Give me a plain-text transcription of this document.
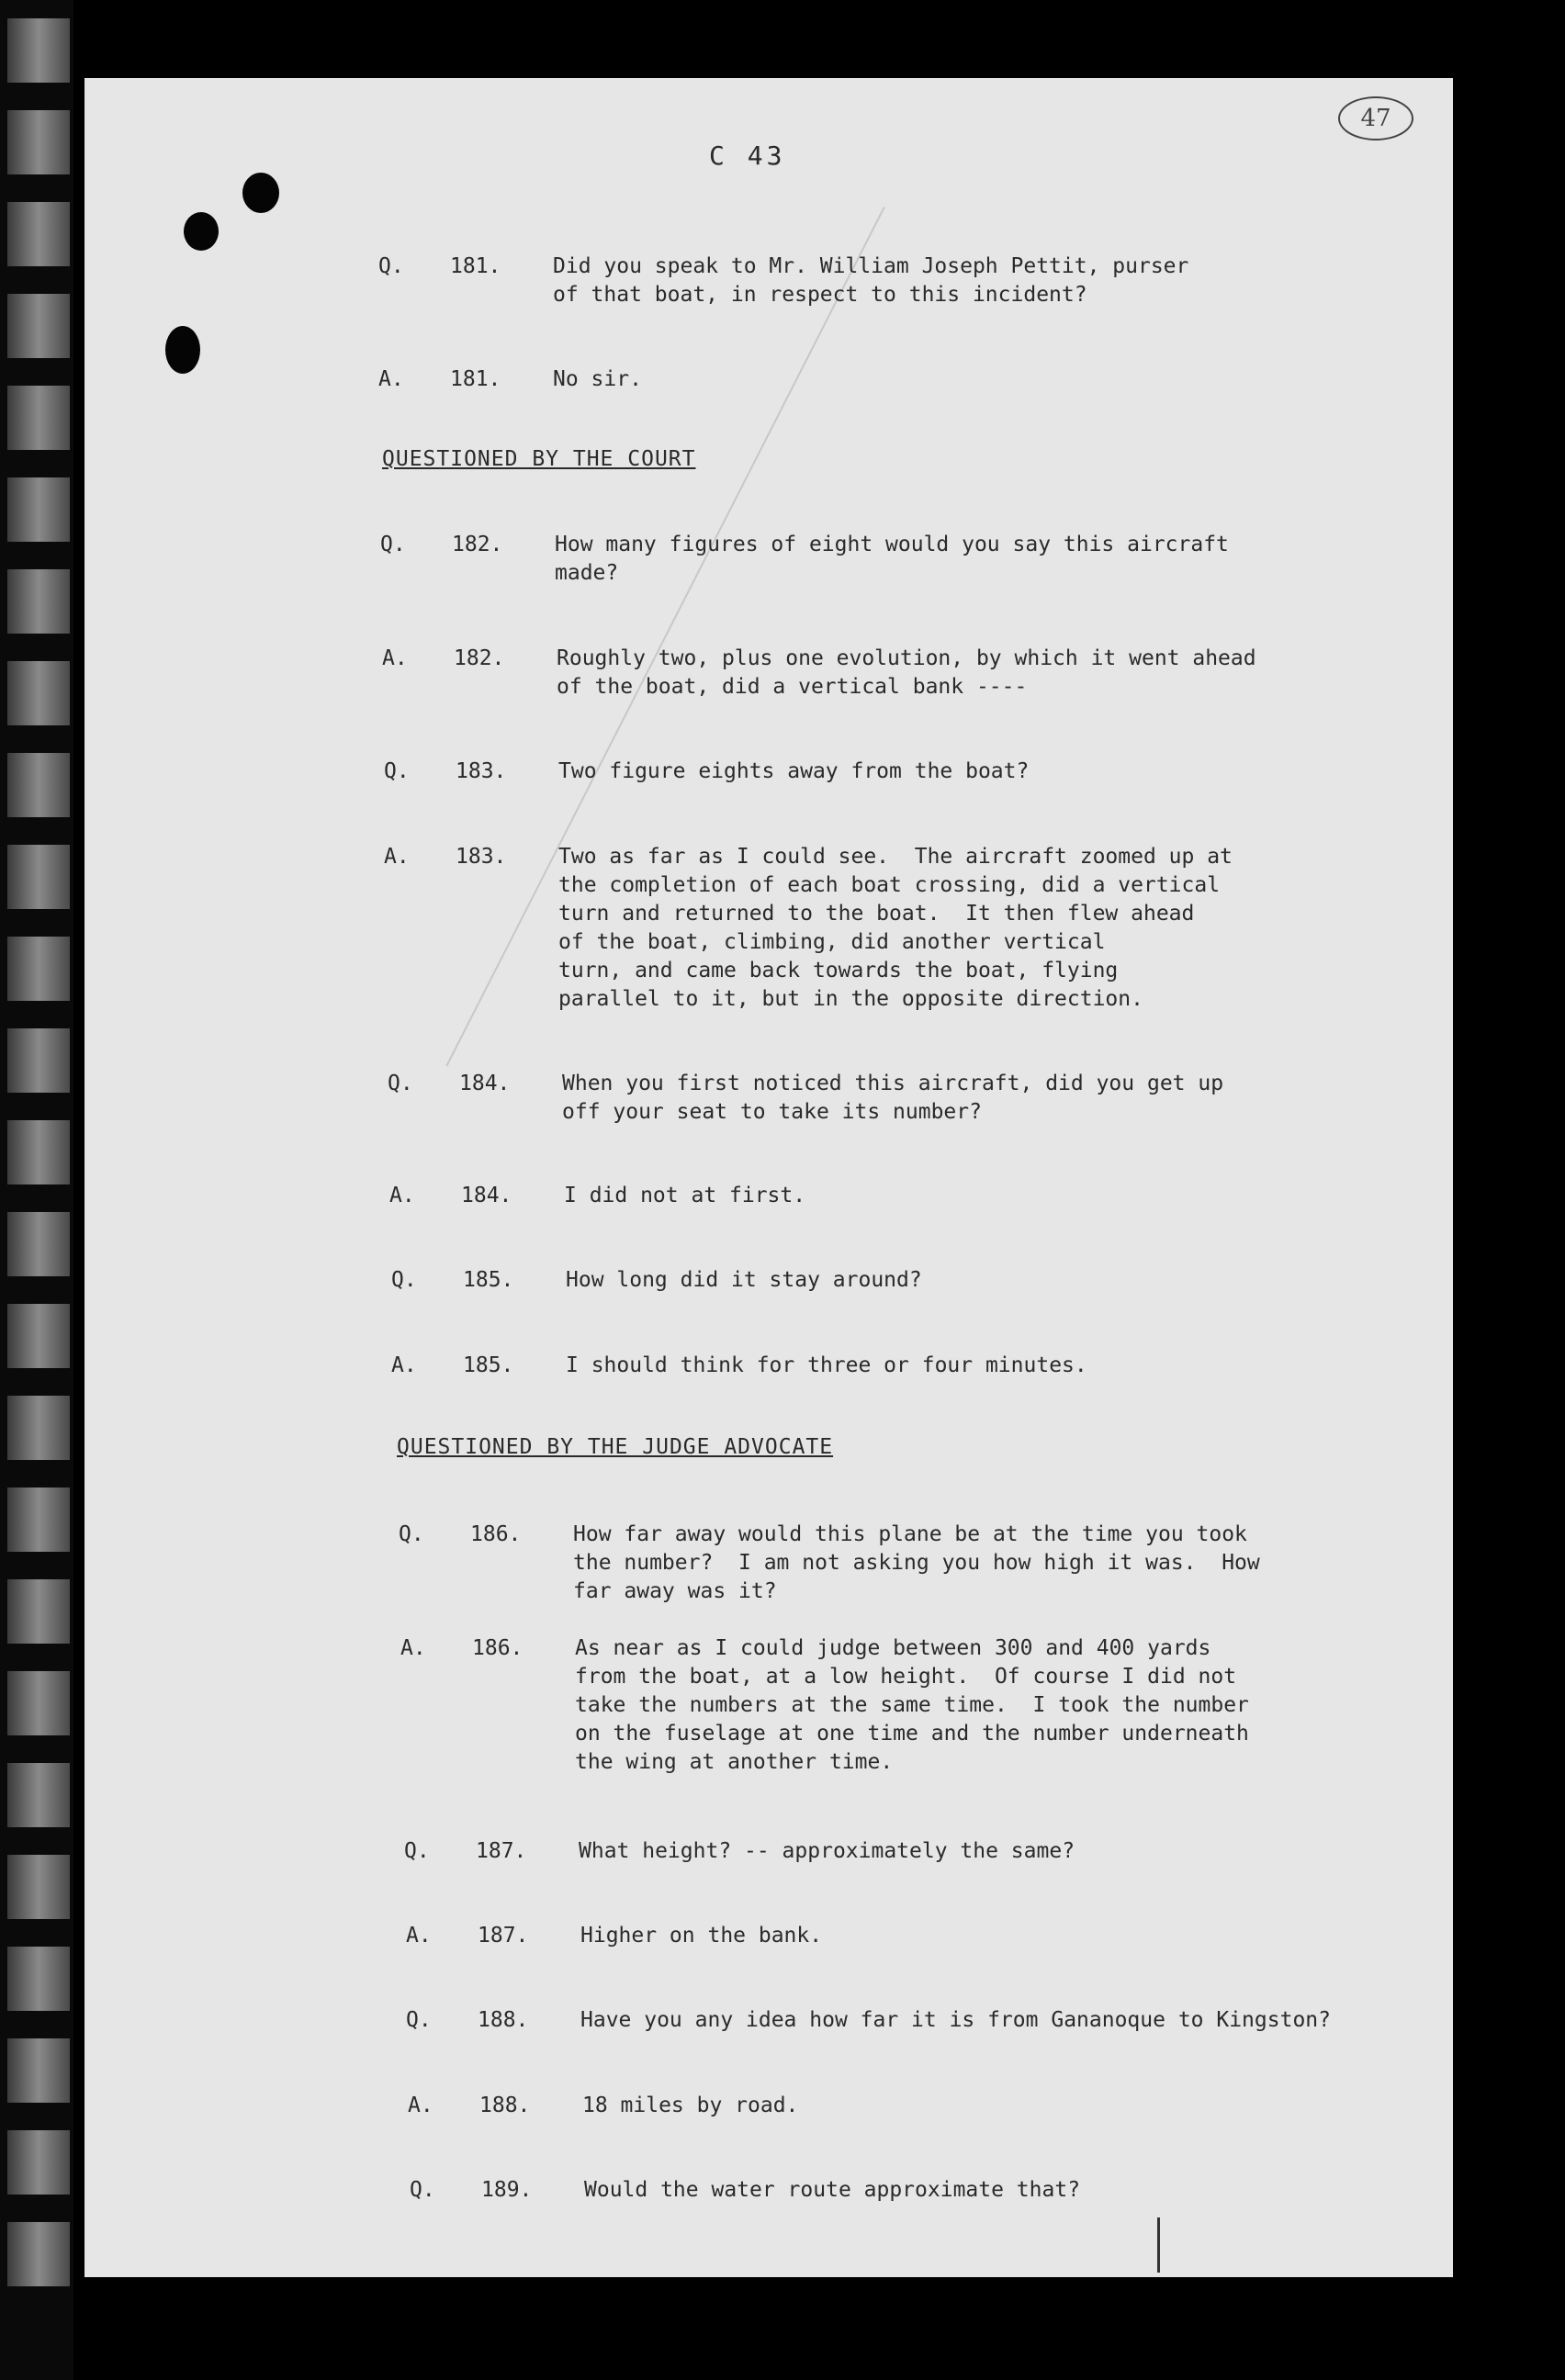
C 43
47
Q. 181. Did you speak to Mr. William Joseph Pettit, purser
of that boat, in respect to this incident?
A. 181. No sir.
QUESTIONED BY THE COURT
Q. 182. How many figures of eight would you say this aircraft
made?
A. 182. Roughly two, plus one evolution, by which it went ahead
of the boat, did a vertical bank ----
Q. 183. Two figure eights away from the boat?
A. 183. Two as far as I could see.  The aircraft zoomed up at
the completion of each boat crossing, did a vertical
turn and returned to the boat.  It then flew ahead
of the boat, climbing, did another vertical
turn, and came back towards the boat, flying
parallel to it, but in the opposite direction.
Q. 184. When you first noticed this aircraft, did you get up
off your seat to take its number?
A. 184. I did not at first.
Q. 185. How long did it stay around?
A. 185. I should think for three or four minutes.
QUESTIONED BY THE JUDGE ADVOCATE
Q. 186. How far away would this plane be at the time you took
the number?  I am not asking you how high it was.  How
far away was it?
A. 186. As near as I could judge between 300 and 400 yards
from the boat, at a low height.  Of course I did not
take the numbers at the same time.  I took the number
on the fuselage at one time and the number underneath
the wing at another time.
Q. 187. What height? -- approximately the same?
A. 187. Higher on the bank.
Q. 188. Have you any idea how far it is from Gananoque to Kingston?
A. 188. 18 miles by road.
Q. 189. Would the water route approximate that?
